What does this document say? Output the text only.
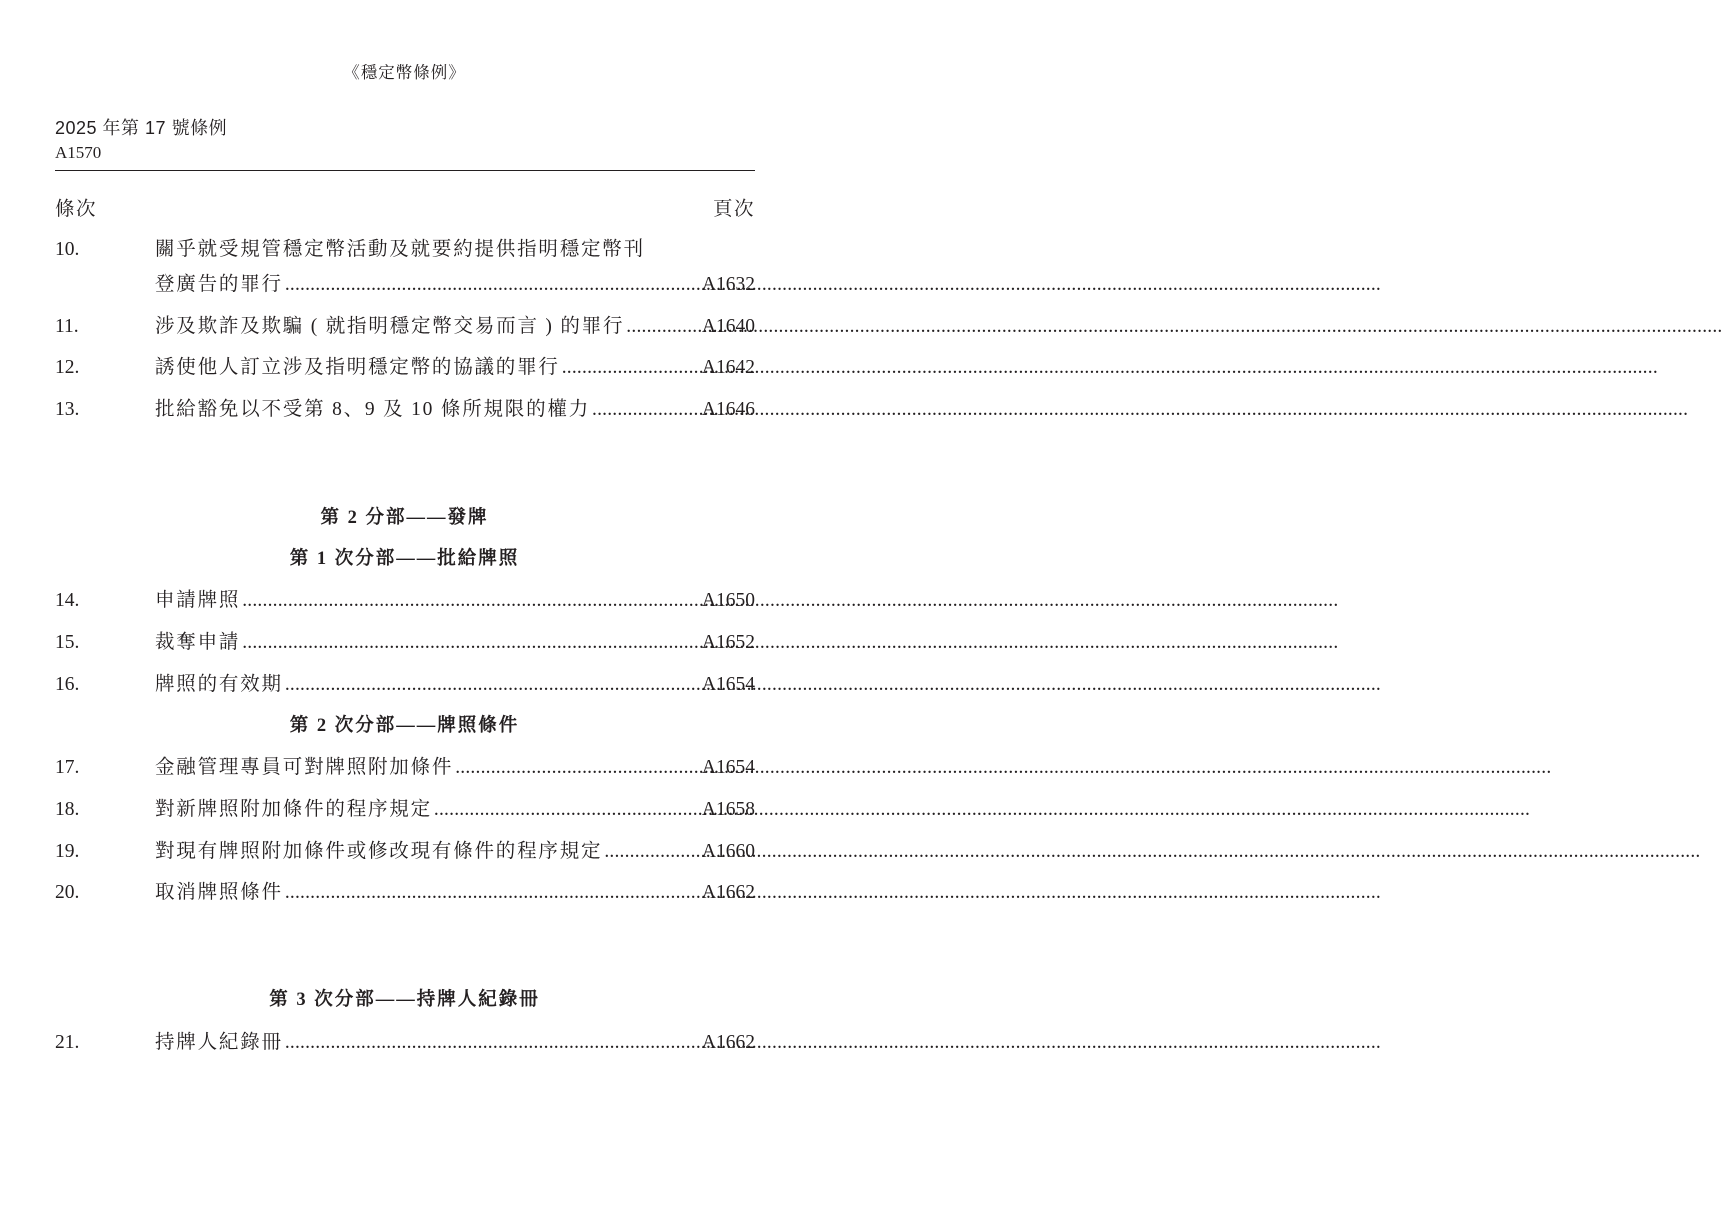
《穩定幣條例》
2025 年第 17 號條例
A1570
條次	頁次
10.	關乎就受規管穩定幣活動及就要約提供指明穩定幣刊
登廣告的罪行 .....	A1632
11.	涉及欺詐及欺騙 ( 就指明穩定幣交易而言 ) 的罪行 .....	A1640
12.	誘使他人訂立涉及指明穩定幣的協議的罪行 .....	A1642
13.	批給豁免以不受第 8、9 及 10 條所規限的權力 .....	A1646
第 2 分部——發牌
第 1 次分部——批給牌照
14.	申請牌照 .....	A1650
15.	裁奪申請 .....	A1652
16.	牌照的有效期 .....	A1654
第 2 次分部——牌照條件
17.	金融管理專員可對牌照附加條件 .....	A1654
18.	對新牌照附加條件的程序規定 .....	A1658
19.	對現有牌照附加條件或修改現有條件的程序規定 .....	A1660
20.	取消牌照條件 .....	A1662
第 3 次分部——持牌人紀錄冊
21.	持牌人紀錄冊 .....	A1662
